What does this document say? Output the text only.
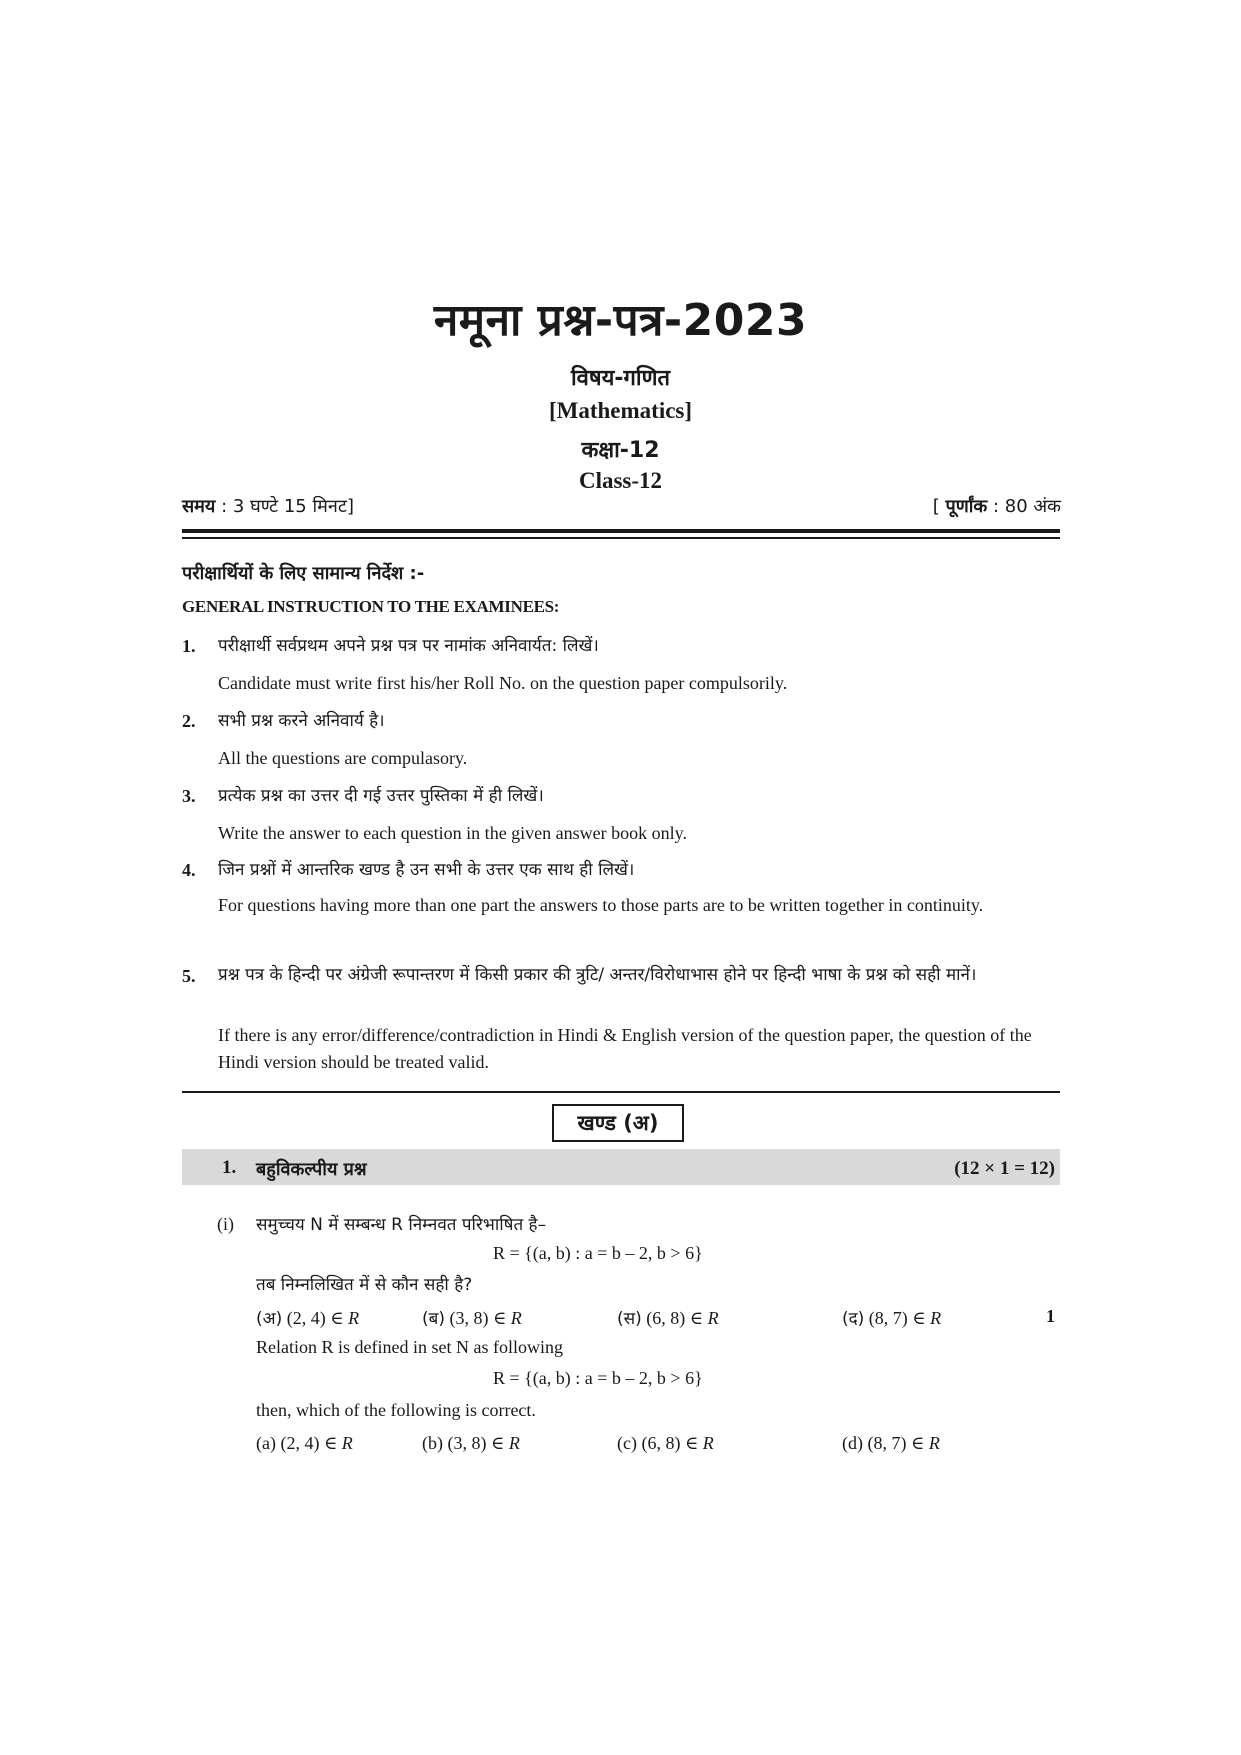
नमूना प्रश्न-पत्र-2023
विषय-गणित
[Mathematics]
कक्षा-12
Class-12
समय : 3 घण्टे 15 मिनट]	[ पूर्णांक : 80 अंक
परीक्षार्थियों के लिए सामान्य निर्देश :-
GENERAL INSTRUCTION TO THE EXAMINEES:
1. परीक्षार्थी सर्वप्रथम अपने प्रश्न पत्र पर नामांक अनिवार्यत: लिखें।
Candidate must write first his/her Roll No. on the question paper compulsorily.
2. सभी प्रश्न करने अनिवार्य है।
All the questions are compulasory.
3. प्रत्येक प्रश्न का उत्तर दी गई उत्तर पुस्तिका में ही लिखें।
Write the answer to each question in the given answer book only.
4. जिन प्रश्नों में आन्तरिक खण्ड है उन सभी के उत्तर एक साथ ही लिखें।
For questions having more than one part the answers to those parts are to be written together in continuity.
5. प्रश्न पत्र के हिन्दी पर अंग्रेजी रूपान्तरण में किसी प्रकार की त्रुटि/ अन्तर/विरोधाभास होने पर हिन्दी भाषा के प्रश्न को सही मानें।
If there is any error/difference/contradiction in Hindi & English version of the question paper, the question of the Hindi version should be treated valid.
खण्ड (अ)
1. बहुविकल्पीय प्रश्न	(12 × 1 = 12)
(i) समुच्चय N में सम्बन्ध R निम्नवत परिभाषित है–
R = {(a, b) : a = b – 2, b > 6}
तब निम्नलिखित में से कौन सही है?
(अ) (2, 4) ∈ R	(ब) (3, 8) ∈ R	(स) (6, 8) ∈ R	(द) (8, 7) ∈ R	1
Relation R is defined in set N as following
R = {(a, b) : a = b – 2, b > 6}
then, which of the following is correct.
(a) (2, 4) ∈ R	(b) (3, 8) ∈ R	(c) (6, 8) ∈ R	(d) (8, 7) ∈ R
